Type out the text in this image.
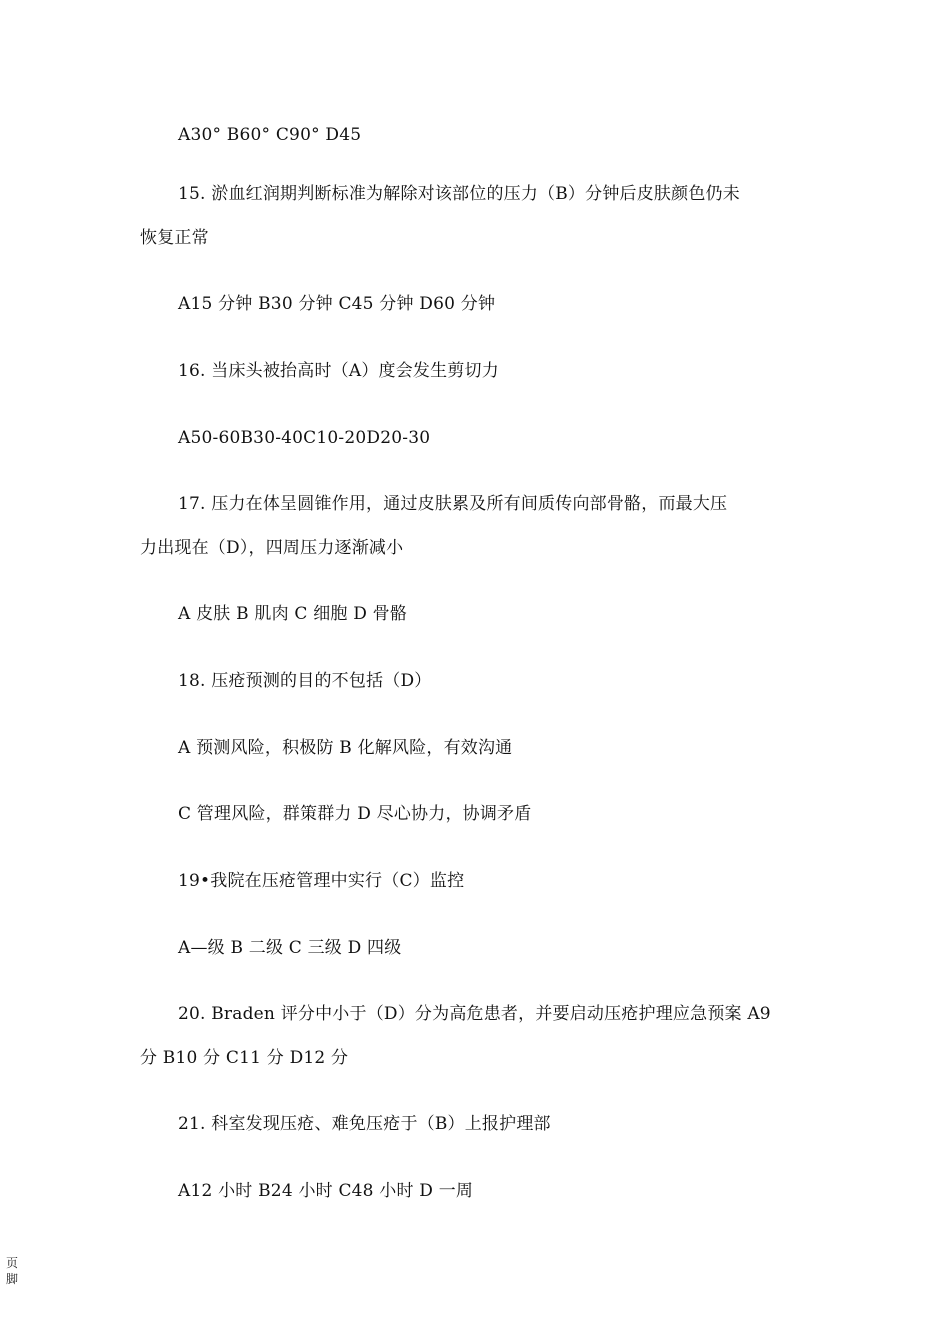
A30° B60° C90° D45
15. 淤血红润期判断标准为解除对该部位的压力（B）分钟后皮肤颜色仍未
恢复正常
A15 分钟 B30 分钟 C45 分钟 D60 分钟
16. 当床头被抬高时（A）度会发生剪切力
A50-60B30-40C10-20D20-30
17. 压力在体呈圆锥作用，通过皮肤累及所有间质传向部骨骼，而最大压
力出现在（D），四周压力逐渐减小
A 皮肤 B 肌肉 C 细胞 D 骨骼
18. 压疮预测的目的不包括（D）
A 预测风险，积极防 B 化解风险，有效沟通
C 管理风险，群策群力 D 尽心协力，协调矛盾
19•我院在压疮管理中实行（C）监控
A—级 B 二级 C 三级 D 四级
20. Braden 评分中小于（D）分为高危患者，并要启动压疮护理应急预案 A9
分 B10 分 C11 分 D12 分
21. 科室发现压疮、难免压疮于（B）上报护理部
A12 小时 B24 小时 C48 小时 D 一周
页脚
